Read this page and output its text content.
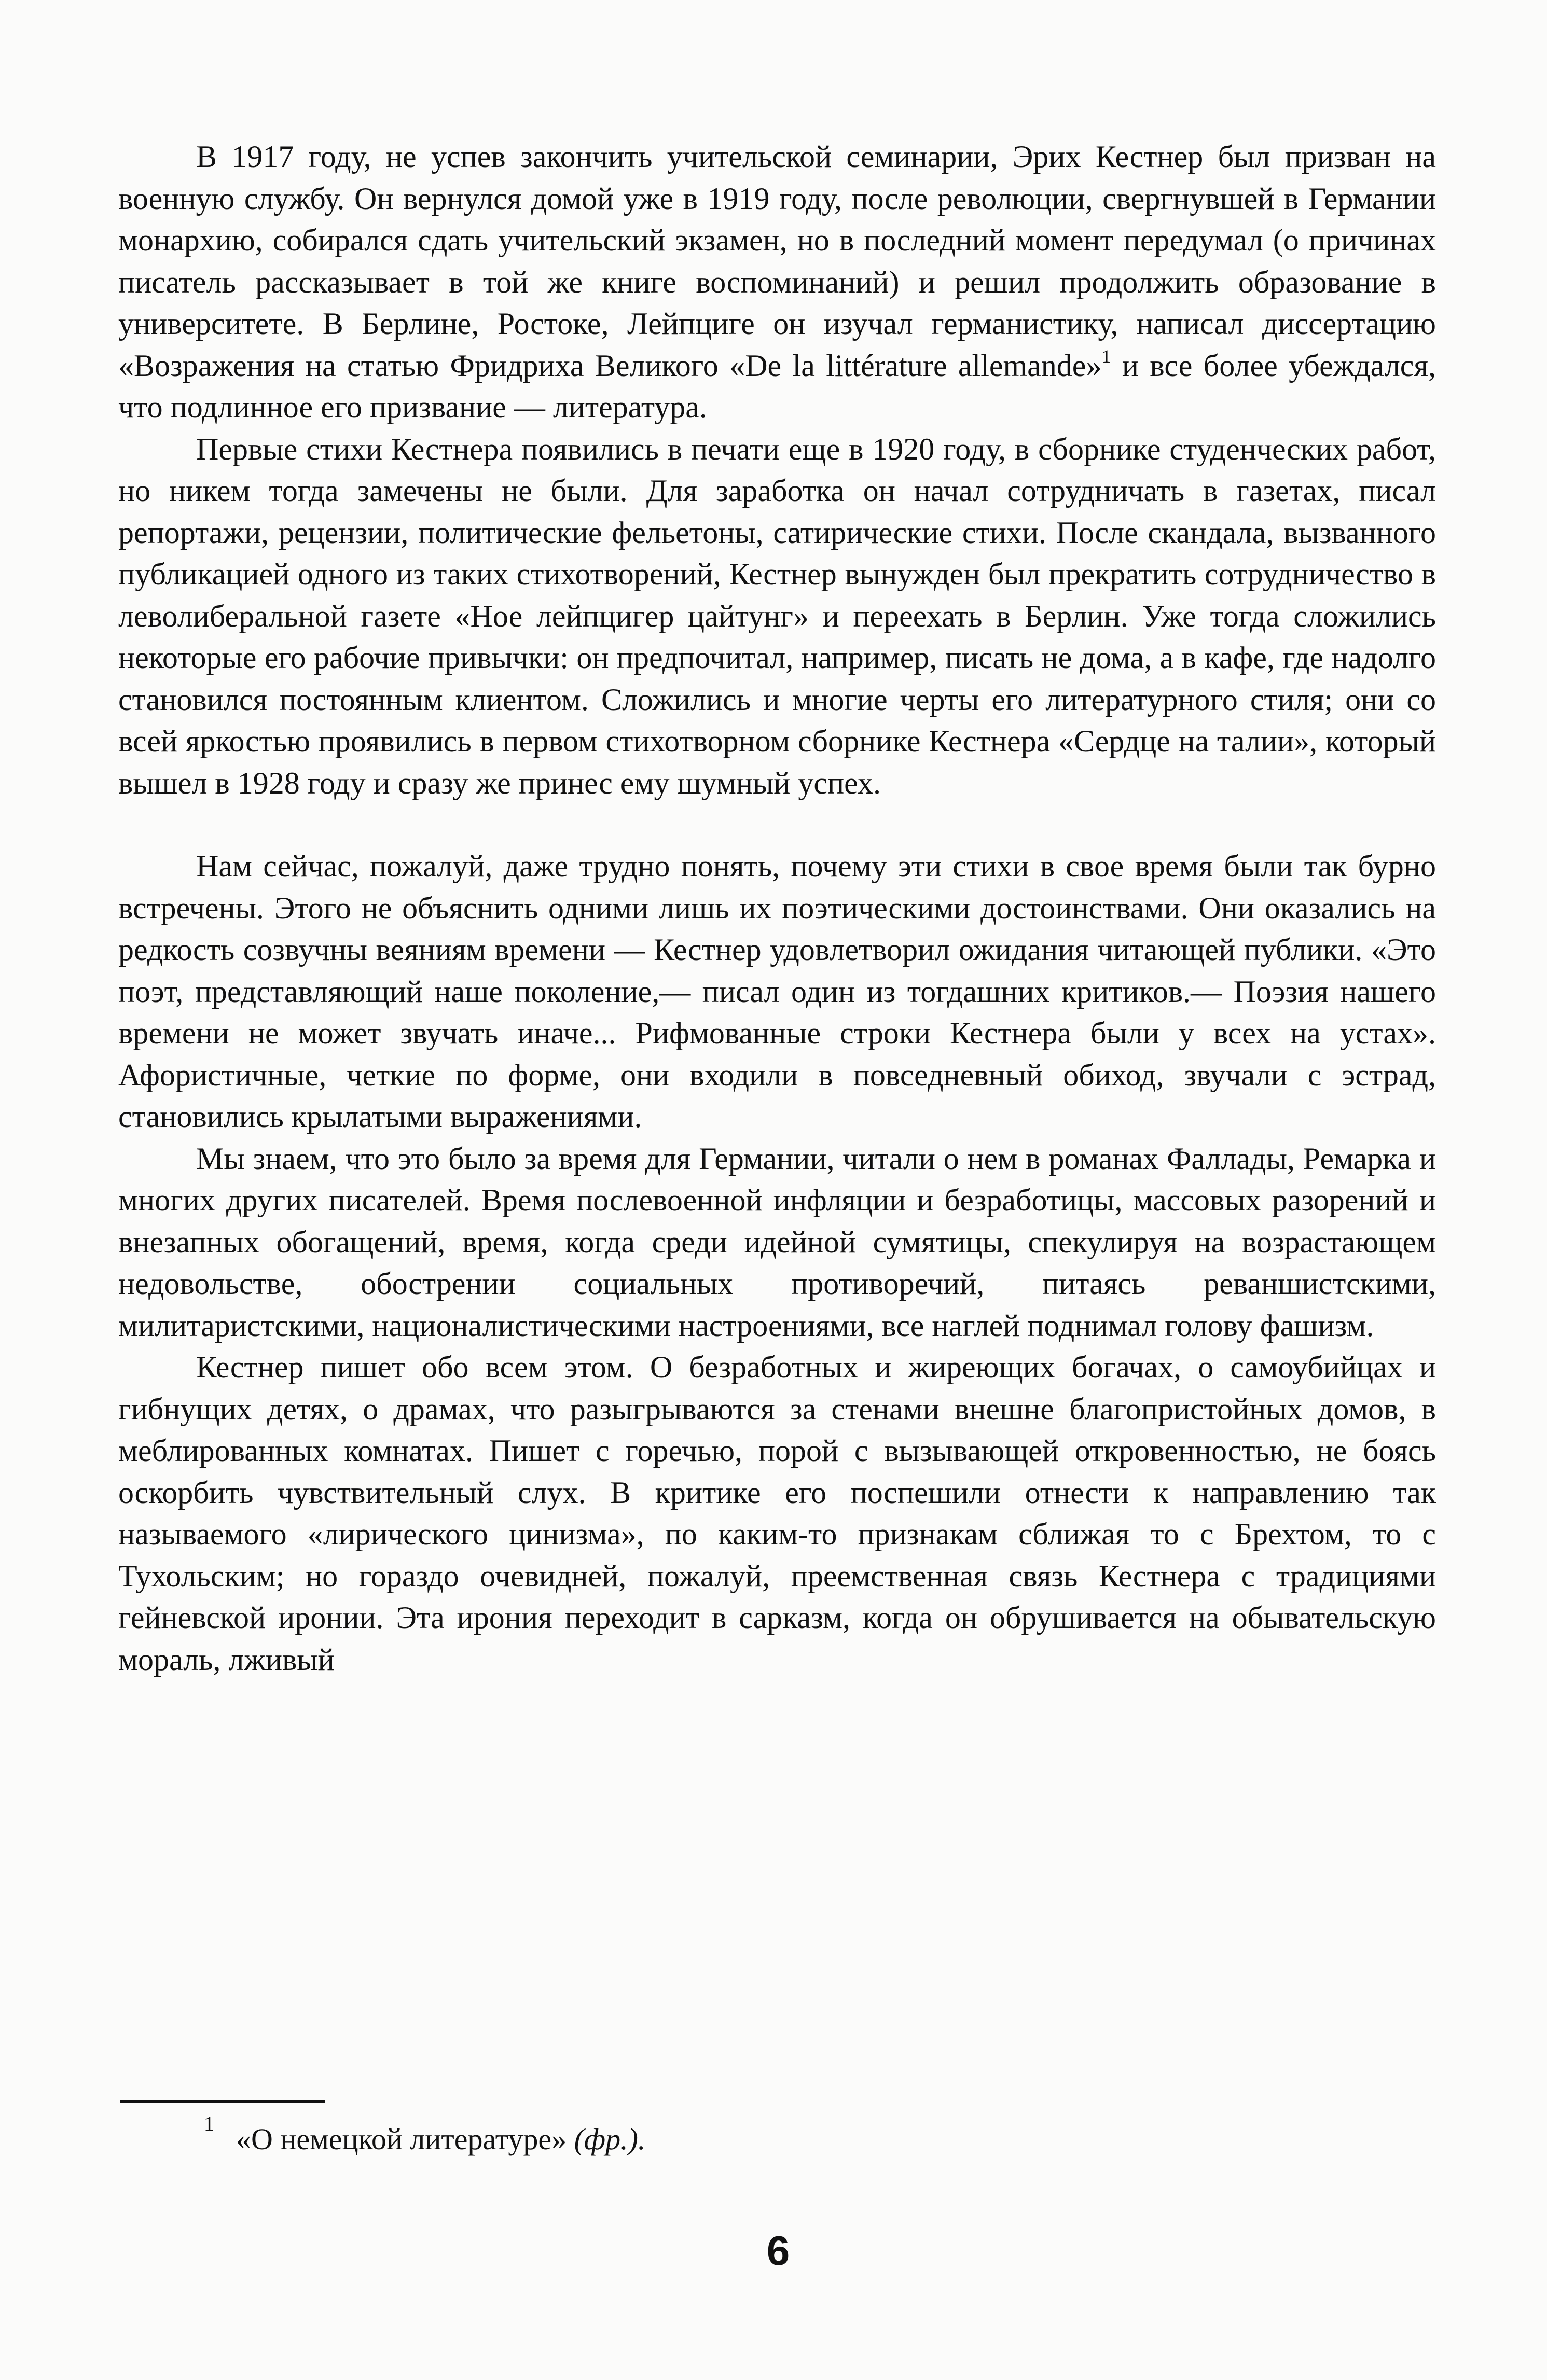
В 1917 году, не успев закончить учительской семинарии, Эрих Кестнер был призван на военную службу. Он вернулся домой уже в 1919 году, после революции, свергнувшей в Германии монархию, собирался сдать учительский экзамен, но в последний момент передумал (о причинах писатель рассказывает в той же книге воспоминаний) и решил продолжить образование в университете. В Берлине, Ростоке, Лейпциге он изучал германистику, написал диссертацию «Возражения на статью Фридриха Великого «De la littérature allemande»$^1$ и все более убеждался, что подлинное его призвание — литература.

Первые стихи Кестнера появились в печати еще в 1920 году, в сборнике студенческих работ, но никем тогда замечены не были. Для заработка он начал сотрудничать в газетах, писал репортажи, рецензии, политические фельетоны, сатирические стихи. После скандала, вызванного публикацией одного из таких стихотворений, Кестнер вынужден был прекратить сотрудничество в леволиберальной газете «Ное лейпцигер цайтунг» и переехать в Берлин. Уже тогда сложились некоторые его рабочие привычки: он предпочитал, например, писать не дома, а в кафе, где надолго становился постоянным клиентом. Сложились и многие черты его литературного стиля; они со всей яркостью проявились в первом стихотворном сборнике Кестнера «Сердце на талии», который вышел в 1928 году и сразу же принес ему шумный успех.

Нам сейчас, пожалуй, даже трудно понять, почему эти стихи в свое время были так бурно встречены. Этого не объяснить одними лишь их поэтическими достоинствами. Они оказались на редкость созвучны веяниям времени — Кестнер удовлетворил ожидания читающей публики. «Это поэт, представляющий наше поколение,— писал один из тогдашних критиков.— Поэзия нашего времени не может звучать иначе... Рифмованные строки Кестнера были у всех на устах». Афористичные, четкие по форме, они входили в повседневный обиход, звучали с эстрад, становились крылатыми выражениями.

Мы знаем, что это было за время для Германии, читали о нем в романах Фаллады, Ремарка и многих других писателей. Время послевоенной инфляции и безработицы, массовых разорений и внезапных обогащений, время, когда среди идейной сумятицы, спекулируя на возрастающем недовольстве, обострении социальных противоречий, питаясь реваншистскими, милитаристскими, националистическими настроениями, все наглей поднимал голову фашизм.

Кестнер пишет обо всем этом. О безработных и жиреющих богачах, о самоубийцах и гибнущих детях, о драмах, что разыгрываются за стенами внешне благопристойных домов, в меблированных комнатах. Пишет с горечью, порой с вызывающей откровенностью, не боясь оскорбить чувствительный слух. В критике его поспешили отнести к направлению так называемого «лирического цинизма», по каким-то признакам сближая то с Брехтом, то с Тухольским; но гораздо очевидней, пожалуй, преемственная связь Кестнера с традициями гейневской иронии. Эта ирония переходит в сарказм, когда он обрушивается на обывательскую мораль, лживый

1 «О немецкой литературе» (фр.).
6
